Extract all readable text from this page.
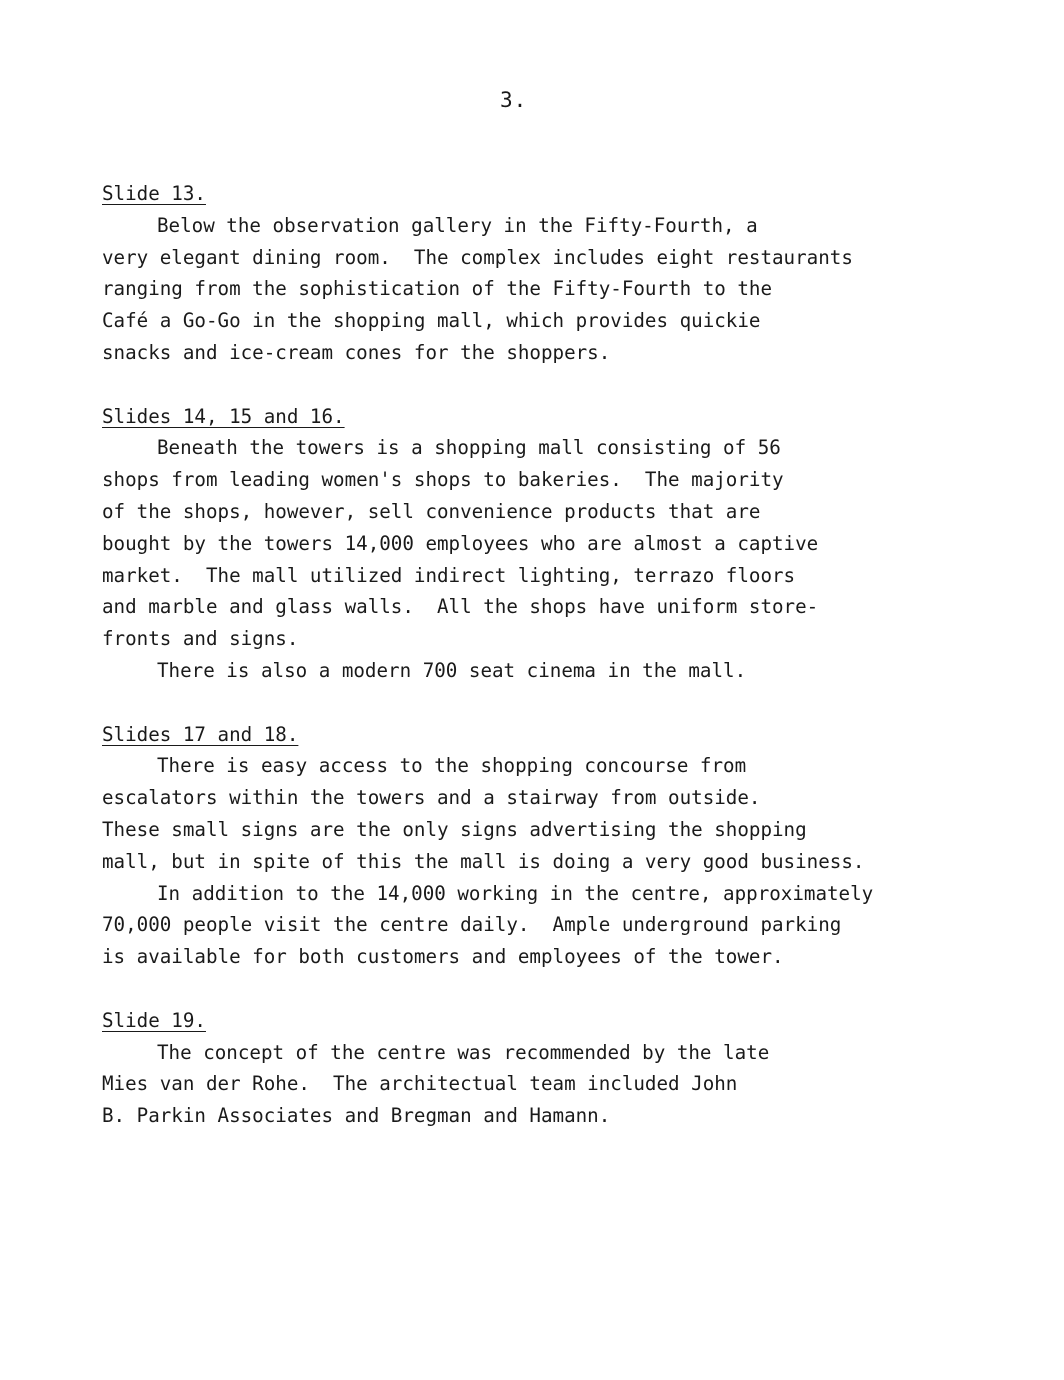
3.
Slide 13.
Below the observation gallery in the Fifty-Fourth, a
very elegant dining room.  The complex includes eight restaurants
ranging from the sophistication of the Fifty-Fourth to the
Café a Go-Go in the shopping mall, which provides quickie
snacks and ice-cream cones for the shoppers.
Slides 14, 15 and 16.
Beneath the towers is a shopping mall consisting of 56
shops from leading women's shops to bakeries.  The majority
of the shops, however, sell convenience products that are
bought by the towers 14,000 employees who are almost a captive
market.  The mall utilized indirect lighting, terrazo floors
and marble and glass walls.  All the shops have uniform store-
fronts and signs.
There is also a modern 700 seat cinema in the mall.
Slides 17 and 18.
There is easy access to the shopping concourse from
escalators within the towers and a stairway from outside.
These small signs are the only signs advertising the shopping
mall, but in spite of this the mall is doing a very good business.
In addition to the 14,000 working in the centre, approximately
70,000 people visit the centre daily.  Ample underground parking
is available for both customers and employees of the tower.
Slide 19.
The concept of the centre was recommended by the late
Mies van der Rohe.  The architectual team included John
B. Parkin Associates and Bregman and Hamann.
